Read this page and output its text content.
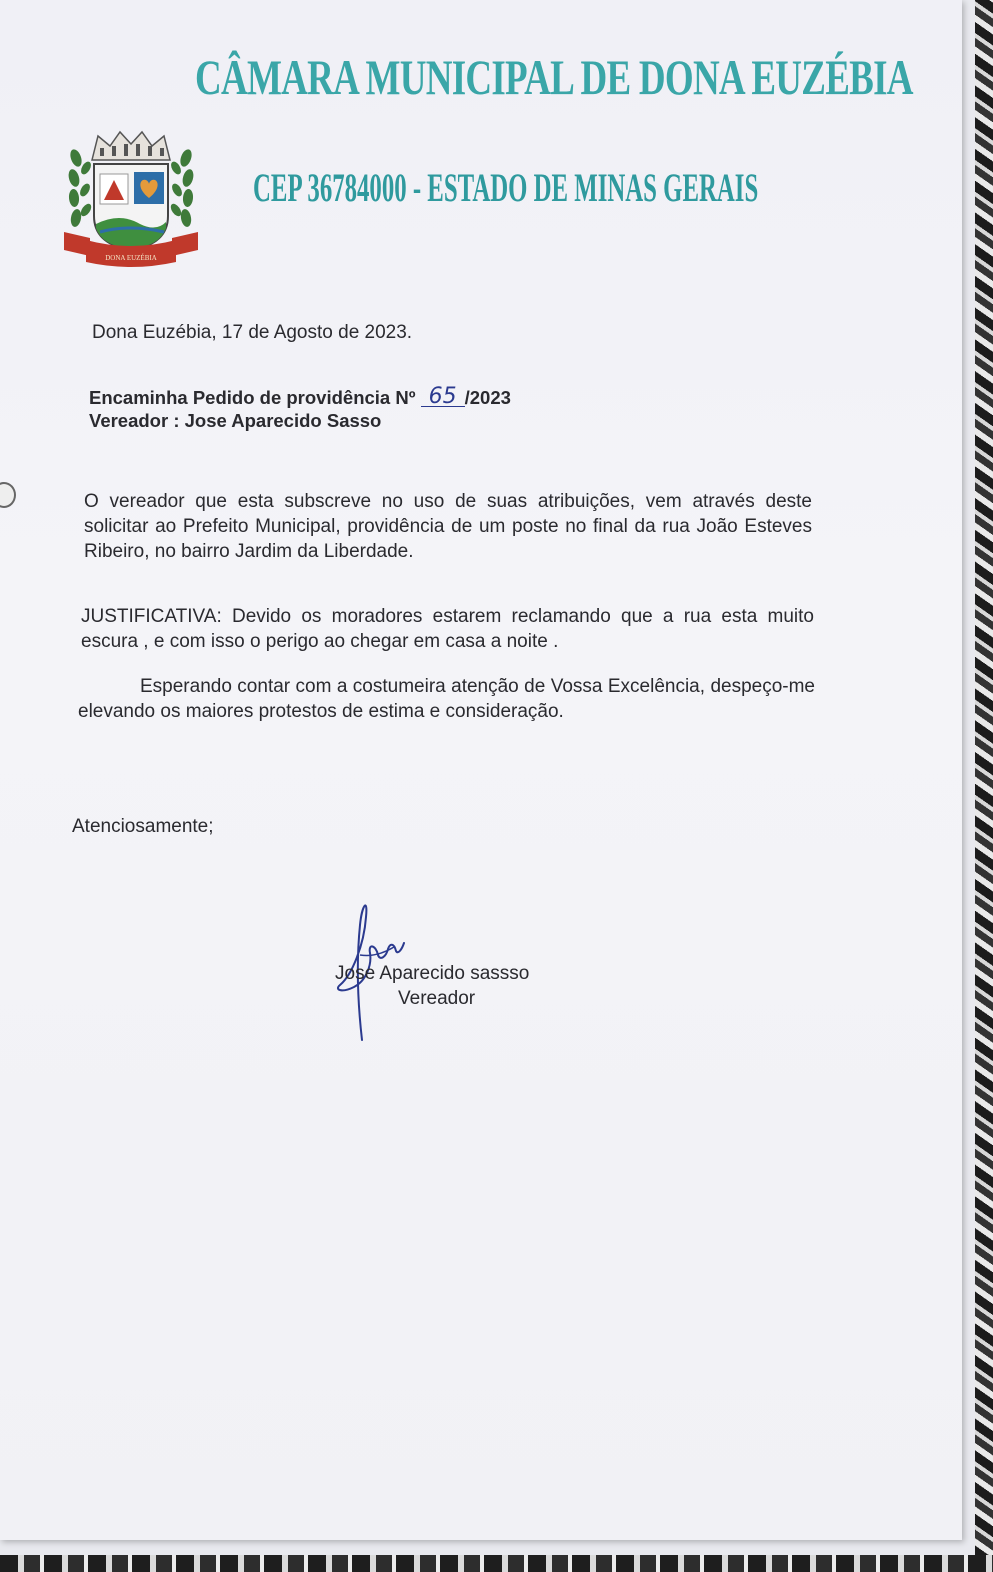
CÂMARA MUNICIPAL DE DONA EUZÉBIA
DONA EUZÉBIA
CEP 36784000 - ESTADO DE MINAS GERAIS

Dona Euzébia, 17 de Agosto de 2023.

Encaminha Pedido de providência Nº 65 /2023
Vereador : Jose Aparecido Sasso

O vereador que esta subscreve no uso de suas atribuições, vem através deste solicitar ao Prefeito Municipal, providência de um poste no final da rua João Esteves Ribeiro, no bairro Jardim da Liberdade.

JUSTIFICATIVA: Devido os moradores estarem reclamando que a rua esta muito escura , e com isso o perigo ao chegar em casa a noite .

Esperando contar com a costumeira atenção de Vossa Excelência, despeço-me elevando os maiores protestos de estima e consideração.

Atenciosamente;

Jose Aparecido sassso

Vereador
